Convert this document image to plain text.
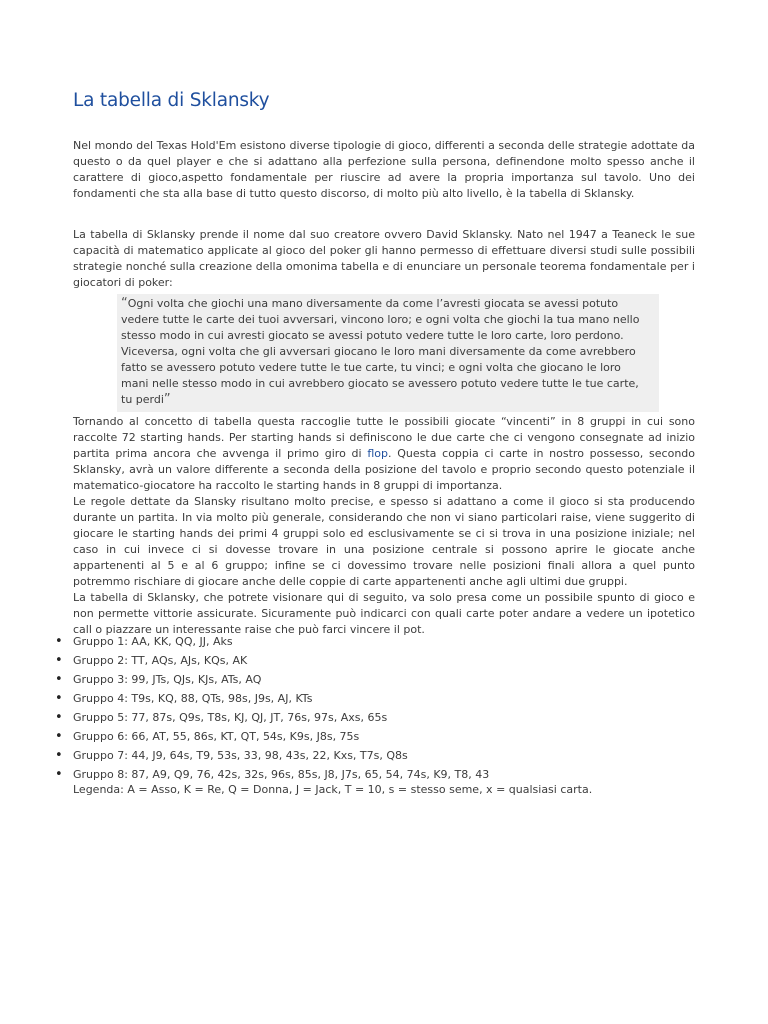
La tabella di Sklansky

Nel mondo del Texas Hold'Em esistono diverse tipologie di gioco, differenti a seconda delle strategie adottate da questo o da quel player e che si adattano alla perfezione sulla persona, definendone molto spesso anche il carattere di gioco,aspetto fondamentale per riuscire ad avere la propria importanza sul tavolo. Uno dei fondamenti che sta alla base di tutto questo discorso, di molto più alto livello, è la tabella di Sklansky.

La tabella di Sklansky prende il nome dal suo creatore ovvero David Sklansky. Nato nel 1947 a Teaneck le sue capacità di matematico applicate al gioco del poker gli hanno permesso di effettuare diversi studi sulle possibili strategie nonché sulla creazione della omonima tabella e di enunciare un personale teorema fondamentale per i giocatori di poker:

“Ogni volta che giochi una mano diversamente da come l’avresti giocata se avessi potuto vedere tutte le carte dei tuoi avversari, vincono loro; e ogni volta che giochi la tua mano nello stesso modo in cui avresti giocato se avessi potuto vedere tutte le loro carte, loro perdono. Viceversa, ogni volta che gli avversari giocano le loro mani diversamente da come avrebbero fatto se avessero potuto vedere tutte le tue carte, tu vinci; e ogni volta che giocano le loro mani nelle stesso modo in cui avrebbero giocato se avessero potuto vedere tutte le tue carte, tu perdi”
Tornando al concetto di tabella questa raccoglie tutte le possibili giocate “vincenti” in 8 gruppi in cui sono raccolte 72 starting hands. Per starting hands si definiscono le due carte che ci vengono consegnate ad inizio partita prima ancora che avvenga il primo giro di flop. Questa coppia ci carte in nostro possesso, secondo Sklansky, avrà un valore differente a seconda della posizione del tavolo e proprio secondo questo potenziale il matematico-giocatore ha raccolto le starting hands in 8 gruppi di importanza.
Le regole dettate da Slansky risultano molto precise, e spesso si adattano a come il gioco si sta producendo durante un partita. In via molto più generale, considerando che non vi siano particolari raise, viene suggerito di giocare le starting hands dei primi 4 gruppi solo ed esclusivamente se ci si trova in una posizione iniziale; nel caso in cui invece ci si dovesse trovare in una posizione centrale si possono aprire le giocate anche appartenenti al 5 e al 6 gruppo; infine se ci dovessimo trovare nelle posizioni finali allora a quel punto potremmo rischiare di giocare anche delle coppie di carte appartenenti anche agli ultimi due gruppi.
La tabella di Sklansky, che potrete visionare qui di seguito, va solo presa come un possibile spunto di gioco e non permette vittorie assicurate. Sicuramente può indicarci con quali carte poter andare a vedere un ipotetico call o piazzare un interessante raise che può farci vincere il pot.
• Gruppo 1: AA, KK, QQ, JJ, Aks
• Gruppo 2: TT, AQs, AJs, KQs, AK
• Gruppo 3: 99, JTs, QJs, KJs, ATs, AQ
• Gruppo 4: T9s, KQ, 88, QTs, 98s, J9s, AJ, KTs
• Gruppo 5: 77, 87s, Q9s, T8s, KJ, QJ, JT, 76s, 97s, Axs, 65s
• Gruppo 6: 66, AT, 55, 86s, KT, QT, 54s, K9s, J8s, 75s
• Gruppo 7: 44, J9, 64s, T9, 53s, 33, 98, 43s, 22, Kxs, T7s, Q8s
• Gruppo 8: 87, A9, Q9, 76, 42s, 32s, 96s, 85s, J8, J7s, 65, 54, 74s, K9, T8, 43

Legenda: A = Asso, K = Re, Q = Donna, J = Jack, T = 10, s = stesso seme, x = qualsiasi carta.
